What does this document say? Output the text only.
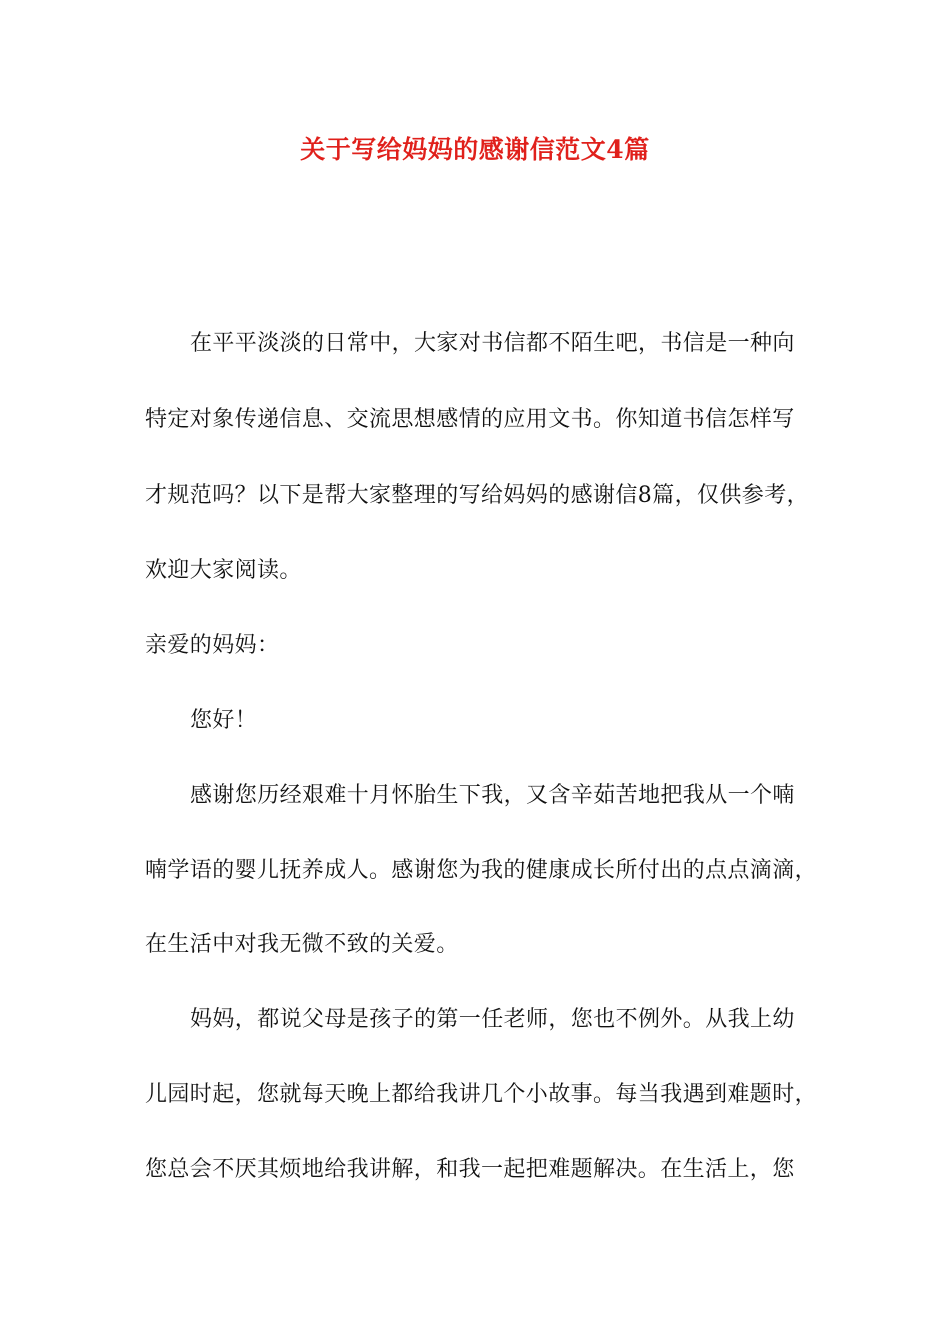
关于写给妈妈的感谢信范文4篇
在平平淡淡的日常中，大家对书信都不陌生吧，书信是一种向
特定对象传递信息、交流思想感情的应用文书。你知道书信怎样写
才规范吗？以下是帮大家整理的写给妈妈的感谢信8篇，仅供参考，
欢迎大家阅读。
亲爱的妈妈：
您好！
感谢您历经艰难十月怀胎生下我，又含辛茹苦地把我从一个喃
喃学语的婴儿抚养成人。感谢您为我的健康成长所付出的点点滴滴，
在生活中对我无微不致的关爱。
妈妈，都说父母是孩子的第一任老师，您也不例外。从我上幼
儿园时起，您就每天晚上都给我讲几个小故事。每当我遇到难题时，
您总会不厌其烦地给我讲解，和我一起把难题解决。在生活上，您
